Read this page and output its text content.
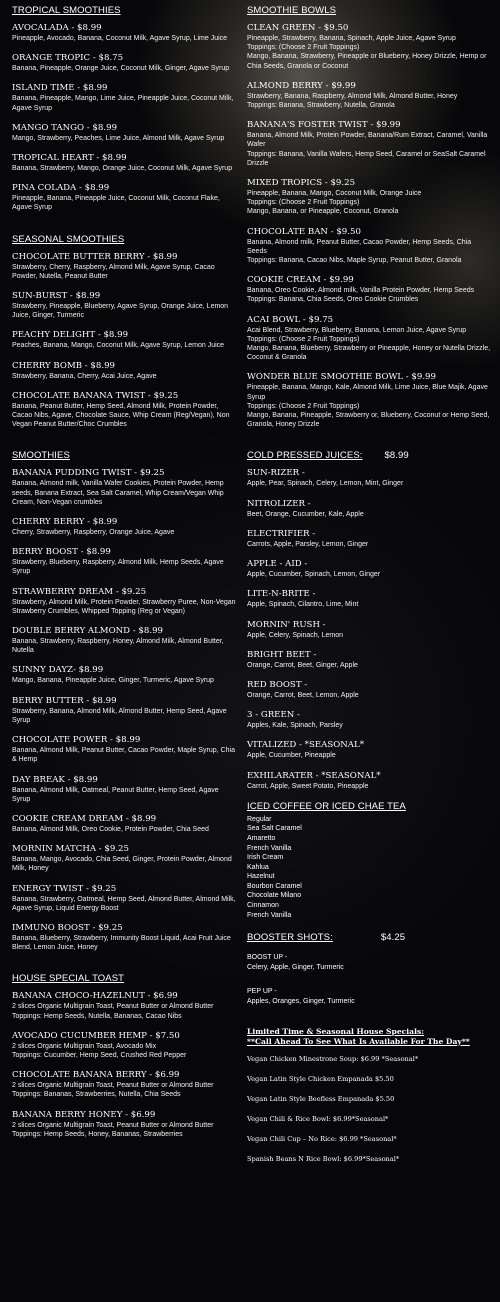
TROPICAL SMOOTHIES
AVOCALADA - $8.99
Pineapple, Avocado, Banana, Coconut Milk, Agave Syrup, Lime Juice
ORANGE TROPIC - $8.75
Banana, Pineapple, Orange Juice, Coconut Milk, Ginger, Agave Syrup
ISLAND TIME - $8.99
Banana, Pineapple, Mango, Lime Juice, Pineapple Juice, Coconut Milk, Agave Syrup
MANGO TANGO - $8.99
Mango, Strawberry, Peaches, Lime Juice, Almond Milk, Agave Syrup
TROPICAL HEART - $8.99
Banana, Strawberry, Mango, Orange Juice, Coconut Milk, Agave Syrup
PINA COLADA - $8.99
Pineapple, Banana, Pineapple Juice, Coconut Milk, Coconut Flake, Agave Syrup
SEASONAL SMOOTHIES
CHOCOLATE BUTTER BERRY - $8.99
Strawberry, Cherry, Raspberry, Almond Milk, Agave Syrup, Cacao Powder, Nutella, Peanut Butter
SUN-BURST - $8.99
Strawberry, Pineapple, Blueberry, Agave Syrup, Orange Juice, Lemon Juice, Ginger, Turmeric
PEACHY DELIGHT - $8.99
Peaches, Banana, Mango, Coconut Milk, Agave Syrup, Lemon Juice
CHERRY BOMB - $8.99
Strawberry, Banana, Cherry, Acai Juice, Agave
CHOCOLATE BANANA TWIST - $9.25
Banana, Peanut Butter, Hemp Seed, Almond Milk, Protein Powder, Cacao Nibs, Agave, Chocolate Sauce, Whip Cream (Reg/Vegan), Non Vegan Peanut Butter/Choc Crumbles
SMOOTHIES
BANANA PUDDING TWIST - $9.25
Banana, Almond milk, Vanilla Wafer Cookies, Protein Powder, Hemp seeds, Banana Extract, Sea Salt Caramel, Whip Cream/Vegan Whip Cream, Non-Vegan crumbles
CHERRY BERRY - $8.99
Cherry, Strawberry, Raspberry, Orange Juice, Agave
BERRY BOOST - $8.99
Strawberry, Blueberry, Raspberry, Almond Milk, Hemp Seeds, Agave Syrup
STRAWBERRY DREAM - $9.25
Strawberry, Almond Milk, Protein Powder, Strawberry Puree, Non-Vegan Strawberry Crumbles, Whipped Topping (Reg or Vegan)
DOUBLE BERRY ALMOND - $8.99
Banana, Strawberry, Raspberry, Honey, Almond Milk, Almond Butter, Nutella
SUNNY DAYZ- $8.99
Mango, Banana, Pineapple Juice, Ginger, Turmeric, Agave Syrup
BERRY BUTTER - $8.99
Strawberry, Banana, Almond Milk, Almond Butter, Hemp Seed, Agave Syrup
CHOCOLATE POWER - $8.99
Banana, Almond Milk, Peanut Butter, Cacao Powder, Maple Syrup, Chia & Hemp
DAY BREAK - $8.99
Banana, Almond Milk, Oatmeal, Peanut Butter, Hemp Seed, Agave Syrup
COOKIE CREAM DREAM - $8.99
Banana, Almond Milk, Oreo Cookie, Protein Powder, Chia Seed
MORNIN MATCHA - $9.25
Banana, Mango, Avocado, Chia Seed, Ginger, Protein Powder, Almond Milk, Honey
ENERGY TWIST - $9.25
Banana, Strawberry, Oatmeal, Hemp Seed, Almond Butter, Almond Milk, Agave Syrup, Liquid Energy Boost
IMMUNO BOOST - $9.25
Banana, Blueberry, Strawberry, Immunity Boost Liquid, Acai Fruit Juice Blend, Lemon Juice, Honey
HOUSE SPECIAL TOAST
BANANA CHOCO-HAZELNUT - $6.99
2 slices Organic Multigrain Toast, Peanut Butter or Almond Butter
Toppings: Hemp Seeds, Nutella, Bananas, Cacao Nibs
AVOCADO CUCUMBER HEMP - $7.50
2 slices Organic Multigrain Toast, Avocado Mix
Toppings: Cucumber, Hemp Seed, Crushed Red Pepper
CHOCOLATE BANANA BERRY - $6.99
2 slices Organic Multigrain Toast, Peanut Butter or Almond Butter
Toppings: Bananas, Strawberries, Nutella, Chia Seeds
BANANA BERRY HONEY - $6.99
2 slices Organic Multigrain Toast, Peanut Butter or Almond Butter
Toppings: Hemp Seeds, Honey, Bananas, Strawberries
SMOOTHIE BOWLS
CLEAN GREEN - $9.50
Pineapple, Strawberry, Banana, Spinach, Apple Juice, Agave Syrup
Toppings: (Choose 2 Fruit Toppings)
Mango, Banana, Strawberry, Pineapple or Blueberry, Honey Drizzle, Hemp or Chia Seeds, Granola or Coconut
ALMOND BERRY - $9.99
Strawberry, Banana, Raspberry, Almond Milk, Almond Butter, Honey
Toppings: Banana, Strawberry, Nutella, Granola
BANANA'S FOSTER TWIST - $9.99
Banana, Almond Milk, Protein Powder, Banana/Rum Extract, Caramel, Vanilla Wafer
Toppings: Banana, Vanilla Wafers, Hemp Seed, Caramel or SeaSalt Caramel Drizzle
MIXED TROPICS - $9.25
Pineapple, Banana, Mango, Coconut Milk, Orange Juice
Toppings: (Choose 2 Fruit Toppings)
Mango, Banana, or Pineapple, Coconut, Granola
CHOCOLATE BAN - $9.50
Banana, Almond milk, Peanut Butter, Cacao Powder, Hemp Seeds, Chia Seeds
Toppings: Banana, Cacao Nibs, Maple Syrup, Peanut Butter, Granola
COOKIE CREAM - $9.99
Banana, Oreo Cookie, Almond milk, Vanilla Protein Powder, Hemp Seeds
Toppings: Banana, Chia Seeds, Oreo Cookie Crumbles
ACAI BOWL - $9.75
Acai Blend, Strawberry, Blueberry, Banana, Lemon Juice, Agave Syrup
Toppings: (Choose 2 Fruit Toppings)
Mango, Banana, Blueberry, Strawberry or Pineapple, Honey or Nutella Drizzle, Coconut & Granola
WONDER BLUE SMOOTHIE BOWL - $9.99
Pineapple, Banana, Mango, Kale, Almond Milk, Lime Juice, Blue Majik, Agave Syrup
Toppings: (Choose 2 Fruit Toppings)
Mango, Banana, Pineapple, Strawberry or, Blueberry, Coconut or Hemp Seed, Granola, Honey Drizzle
COLD PRESSED JUICES: $8.99
SUN-RIZER -
Apple, Pear, Spinach, Celery, Lemon, Mint, Ginger
NITROLIZER -
Beet, Orange, Cucumber, Kale, Apple
ELECTRIFIER -
Carrots, Apple, Parsley, Lemon, Ginger
APPLE - AID -
Apple, Cucumber, Spinach, Lemon, Ginger
LITE-N-BRITE -
Apple, Spinach, Cilantro, Lime, Mint
MORNIN' RUSH -
Apple, Celery, Spinach, Lemon
BRIGHT BEET -
Orange, Carrot, Beet, Ginger, Apple
RED BOOST -
Orange, Carrot, Beet, Lemon, Apple
3 - GREEN -
Apples, Kale, Spinach, Parsley
VITALIZED - *SEASONAL*
Apple, Cucumber, Pineapple
EXHILARATER - *SEASONAL*
Carrot, Apple, Sweet Potato, Pineapple
ICED COFFEE OR ICED CHAE TEA
Regular
Sea Salt Caramel
Amaretto
French Vanilla
Irish Cream
Kahlua
Hazelnut
Bourbon Caramel
Chocolate Milano
Cinnamon
French Vanilla
BOOSTER SHOTS:	$4.25
BOOST UP -
Celery, Apple, Ginger, Turmeric
PEP UP -
Apples, Oranges, Ginger, Turmeric
Limited Time & Seasonal House Specials:
**Call Ahead To See What Is Available For The Day**
Vegan Chicken Minestrone Soup: $6.99 *Seasonal*
Vegan Latin Style Chicken Empanada $5.50
Vegan Latin Style Beefless Empanada $5.50
Vegan Chili & Rice Bowl: $6.99*Seasonal*
Vegan Chili Cup – No Rice: $6.99 *Seasonal*
Spanish Beans N Rice Bowl: $6.99*Seasonal*
